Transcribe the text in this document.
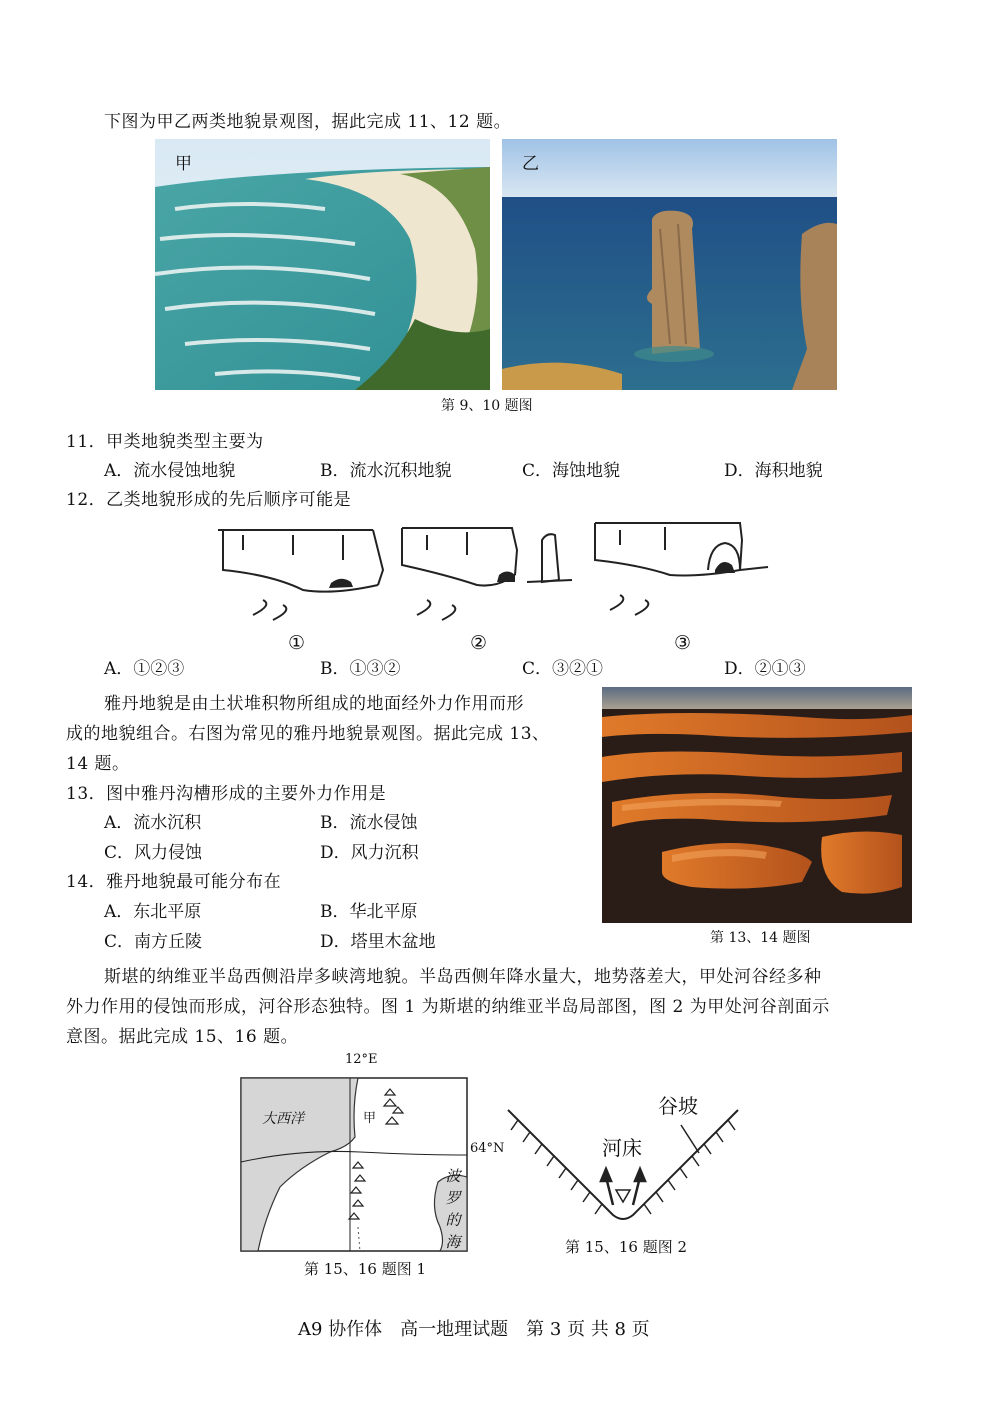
下图为甲乙两类地貌景观图，据此完成 11、12 题。
甲	乙
第 9、10 题图
11．甲类地貌类型主要为
A．流水侵蚀地貌	B．流水沉积地貌	C．海蚀地貌	D．海积地貌
12．乙类地貌形成的先后顺序可能是
①	②	③
A．①②③	B．①③②	C．③②①	D．②①③
雅丹地貌是由土状堆积物所组成的地面经外力作用而形
成的地貌组合。右图为常见的雅丹地貌景观图。据此完成 13、
14 题。
第 13、14 题图
13．图中雅丹沟槽形成的主要外力作用是
A．流水沉积	B．流水侵蚀
C．风力侵蚀	D．风力沉积
14．雅丹地貌最可能分布在
A．东北平原	B．华北平原
C．南方丘陵	D．塔里木盆地
斯堪的纳维亚半岛西侧沿岸多峡湾地貌。半岛西侧年降水量大，地势落差大，甲处河谷经多种
外力作用的侵蚀而形成，河谷形态独特。图 1 为斯堪的纳维亚半岛局部图，图 2 为甲处河谷剖面示
意图。据此完成 15、16 题。
12°E
大西洋	甲
64°N
波
罗
的
海
第 15、16 题图 1
谷坡
河床
第 15、16 题图 2
A9 协作体　高一地理试题　第 3 页 共 8 页
